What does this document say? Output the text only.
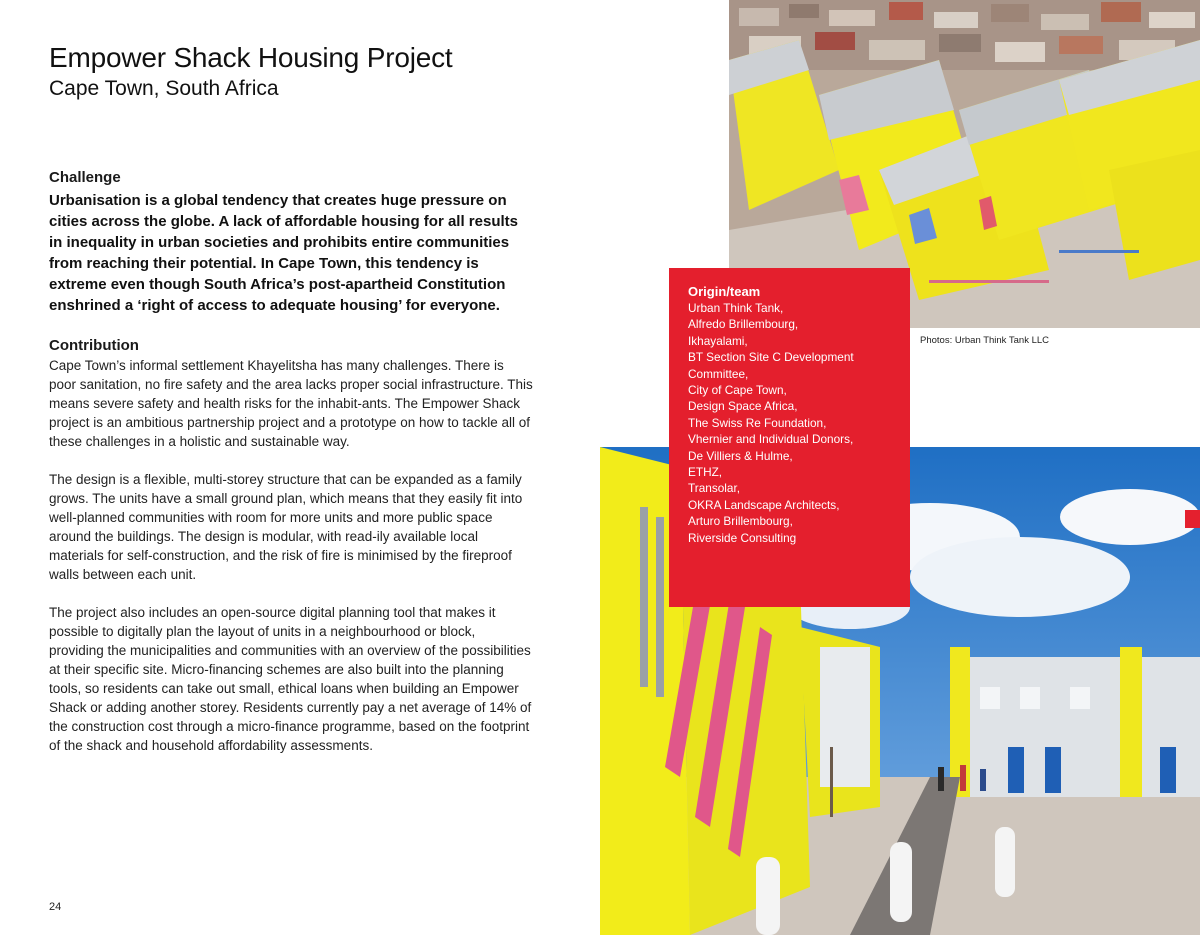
Empower Shack Housing Project
Cape Town, South Africa
Challenge
Urbanisation is a global tendency that creates huge pressure on cities across the globe. A lack of affordable housing for all results in inequality in urban societies and prohibits entire communities from reaching their potential. In Cape Town, this tendency is extreme even though South Africa’s post-apartheid Constitution enshrined a ‘right of access to adequate housing’ for everyone.
Contribution

Cape Town’s informal settlement Khayelitsha has many challenges. There is poor sanitation, no fire safety and the area lacks proper social infrastructure. This means severe safety and health risks for the inhabit-ants. The Empower Shack project is an ambitious partnership project and a prototype on how to tackle all of these challenges in a holistic and sustainable way.

The design is a flexible, multi-storey structure that can be expanded as a family grows. The units have a small ground plan, which means that they easily fit into well-planned communities with room for more units and more public space around the buildings. The design is modular, with read-ily available local materials for self-construction, and the risk of fire is minimised by the fireproof walls between each unit.

The project also includes an open-source digital planning tool that makes it possible to digitally plan the layout of units in a neighbourhood or block, providing the municipalities and communities with an overview of the possibilities at their specific site. Micro-financing schemes are also built into the planning tools, so residents can take out small, ethical loans when building an Empower Shack or adding another storey. Residents currently pay a net average of 14% of the construction cost through a micro-finance programme, based on the footprint of the shack and household affordability assessments.

24
Photos: Urban Think Tank LLC
Origin/team
Urban Think Tank,
Alfredo Brillembourg,
Ikhayalami,
BT Section Site C Development
Committee,
City of Cape Town,
Design Space Africa,
The Swiss Re Foundation,
Vhernier and Individual Donors,
De Villiers & Hulme,
ETHZ,
Transolar,
OKRA Landscape Architects,
Arturo Brillembourg,
Riverside Consulting
